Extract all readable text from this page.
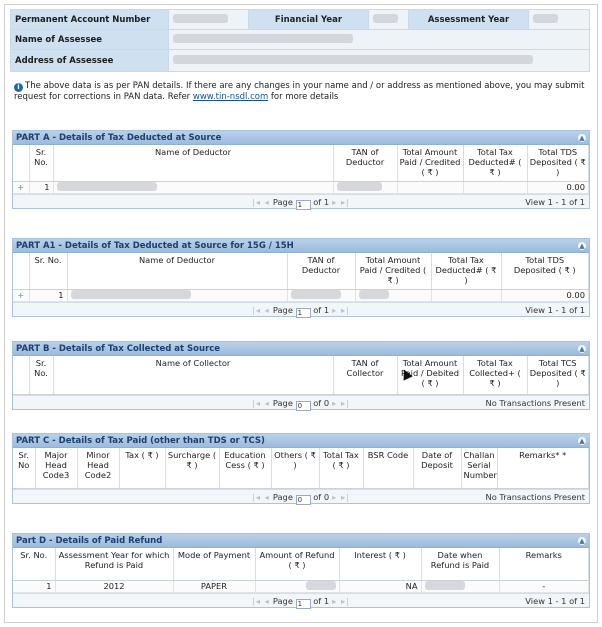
Permanent Account Number		Financial Year		Assessment Year	
Name of Assessee					
Address of Assessee					
i The above data is as per PAN details. If there are any changes in your name and / or address as mentioned above, you may submit request for corrections in PAN data. Refer www.tin-nsdl.com for more details
PART A - Details of Tax Deducted at Source	▲
	Sr. No.	Name of Deductor	TAN of Deductor	Total Amount Paid / Credited ( ₹ )	Total Tax Deducted# ( ₹ )	Total TDS Deposited ( ₹ )
+	1					0.00
|◂ ◂ Page 1 of 1 ▸ ▸|	View 1 - 1 of 1
PART A1 - Details of Tax Deducted at Source for 15G / 15H	▲
	Sr. No.	Name of Deductor	TAN of Deductor	Total Amount Paid / Credited ( ₹ )	Total Tax Deducted# ( ₹ )	Total TDS Deposited ( ₹ )
+	1					0.00
|◂ ◂ Page 1 of 1 ▸ ▸|	View 1 - 1 of 1
PART B - Details of Tax Collected at Source	▲
	Sr. No.	Name of Collector	TAN of Collector	Total Amount Paid / Debited ( ₹ )	Total Tax Collected+ ( ₹ )	Total TCS Deposited ( ₹ )
|◂ ◂ Page 0 of 0 ▸ ▸|	No Transactions Present
PART C - Details of Tax Paid (other than TDS or TCS)	▲
Sr. No	Major Head Code3	Minor Head Code2	Tax ( ₹ )	Surcharge ( ₹ )	Education Cess ( ₹ )	Others ( ₹ )	Total Tax ( ₹ )	BSR Code	Date of Deposit	Challan Serial Number	Remarks* *
|◂ ◂ Page 0 of 0 ▸ ▸|	No Transactions Present
Part D - Details of Paid Refund	▲
Sr. No.	Assessment Year for which Refund is Paid	Mode of Payment	Amount of Refund ( ₹ )	Interest ( ₹ )	Date when Refund is Paid	Remarks
1	2012	PAPER		NA		-
|◂ ◂ Page 1 of 1 ▸ ▸|	View 1 - 1 of 1
